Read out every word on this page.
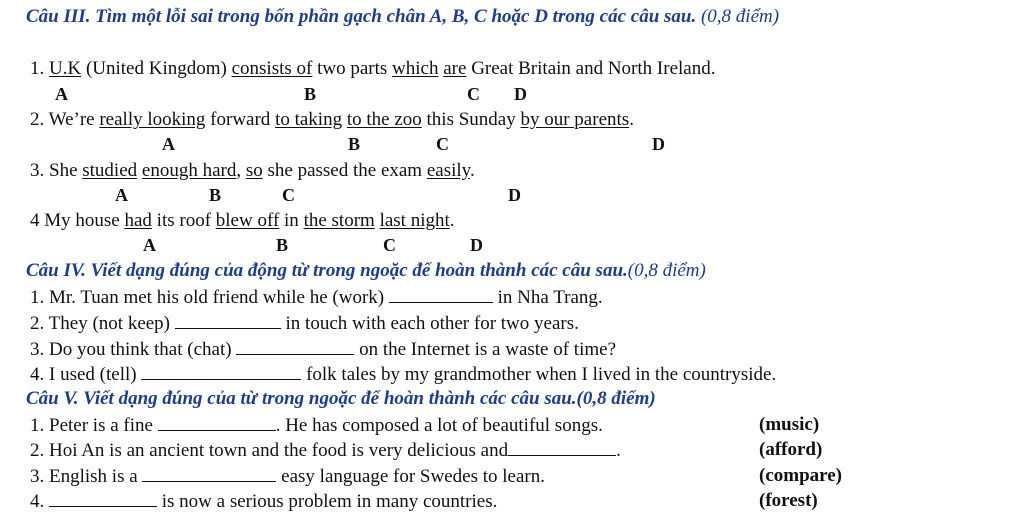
Câu III. Tìm một lỗi sai trong bốn phần gạch chân A, B, C hoặc D trong các câu sau. (0,8 điểm)
1. U.K (United Kingdom) consists of two parts which are Great Britain and North Ireland.
A	B	C D
2. We’re really looking forward to taking to the zoo this Sunday by our parents.
A	B	C	D
3. She studied enough hard, so she passed the exam easily.
A	B	C	D
4 My house had its roof blew off in the storm last night.
A	B	C	D
Câu IV. Viết dạng đúng của động từ trong ngoặc để hoàn thành các câu sau.(0,8 điểm)
1. Mr. Tuan met his old friend while he (work)	in Nha Trang.
2. They (not keep)	in touch with each other for two years.
3. Do you think that (chat)	on the Internet is a waste of time?
4. I used (tell)	folk tales by my grandmother when I lived in the countryside.
Câu V. Viết dạng đúng của từ trong ngoặc để hoàn thành các câu sau.(0,8 điểm)
1. Peter is a fine	. He has composed a lot of beautiful songs.	(music)
2. Hoi An is an ancient town and the food is very delicious and	.	(afford)
3. English is a	easy language for Swedes to learn.	(compare)
4.	is now a serious problem in many countries.	(forest)
